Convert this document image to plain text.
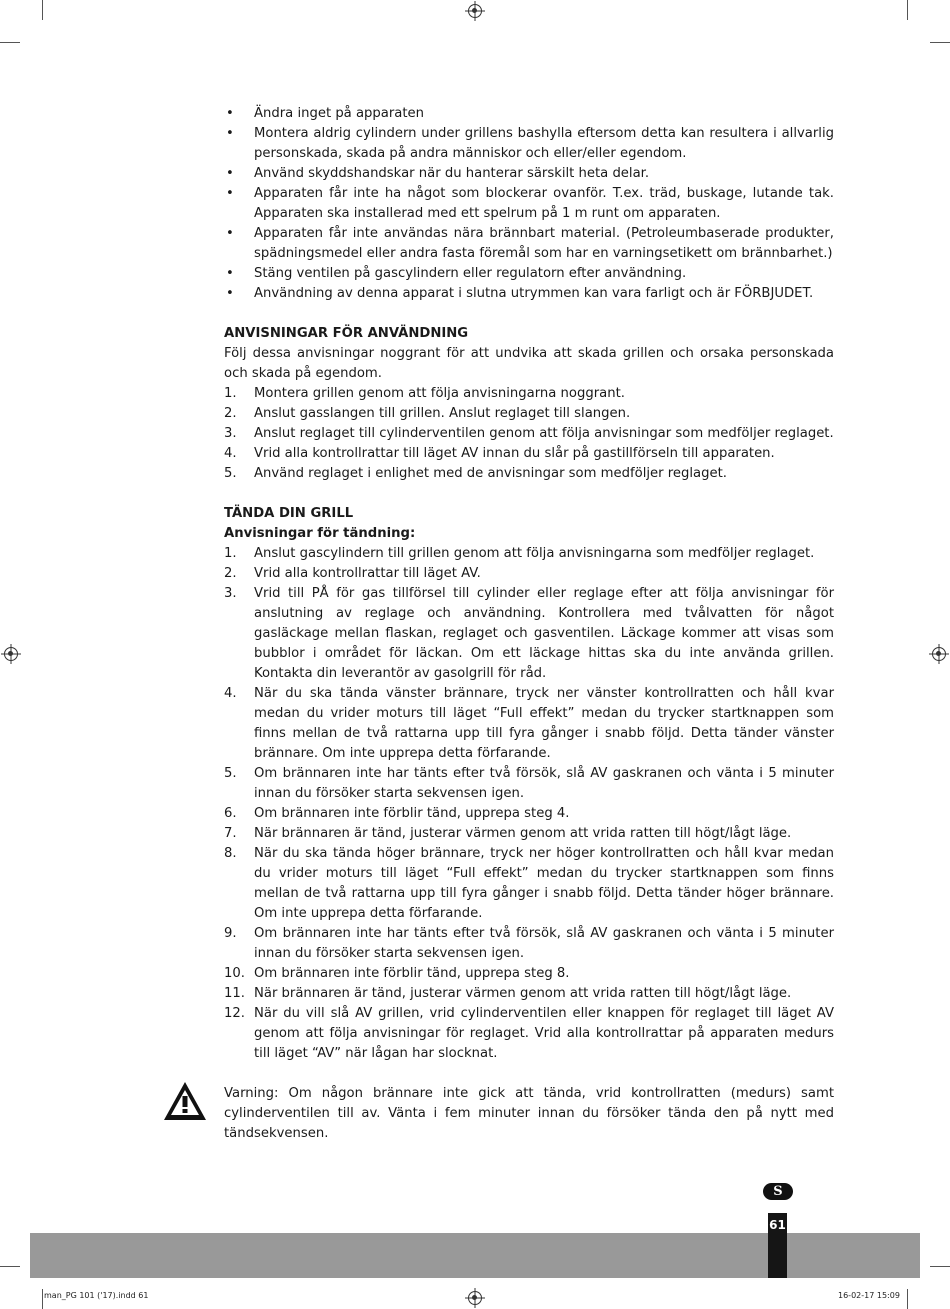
• Ändra inget på apparaten
• Montera aldrig cylindern under grillens bashylla eftersom detta kan resultera i allvarlig personskada, skada på andra människor och eller/eller egendom.
• Använd skyddshandskar när du hanterar särskilt heta delar.
• Apparaten får inte ha något som blockerar ovanför. T.ex. träd, buskage, lutande tak. Apparaten ska installerad med ett spelrum på 1 m runt om apparaten.
• Apparaten får inte användas nära brännbart material. (Petroleumbaserade produkter, spädningsmedel eller andra fasta föremål som har en varningsetikett om brännbarhet.)
• Stäng ventilen på gascylindern eller regulatorn efter användning.
• Användning av denna apparat i slutna utrymmen kan vara farligt och är FÖRBJUDET.
ANVISNINGAR FÖR ANVÄNDNING

Följ dessa anvisningar noggrant för att undvika att skada grillen och orsaka personskada och skada på egendom.

1. Montera grillen genom att följa anvisningarna noggrant.
2. Anslut gasslangen till grillen. Anslut reglaget till slangen.
3. Anslut reglaget till cylinderventilen genom att följa anvisningar som medföljer reglaget.
4. Vrid alla kontrollrattar till läget AV innan du slår på gastillförseln till apparaten.
5. Använd reglaget i enlighet med de anvisningar som medföljer reglaget.
TÄNDA DIN GRILL
Anvisningar för tändning:
1. Anslut gascylindern till grillen genom att följa anvisningarna som medföljer reglaget.
2. Vrid alla kontrollrattar till läget AV.
3. Vrid till PÅ för gas tillförsel till cylinder eller reglage efter att följa anvisningar för anslutning av reglage och användning. Kontrollera med tvålvatten för något gasläckage mellan flaskan, reglaget och gasventilen. Läckage kommer att visas som bubblor i området för läckan. Om ett läckage hittas ska du inte använda grillen. Kontakta din leverantör av gasolgrill för råd.
4. När du ska tända vänster brännare, tryck ner vänster kontrollratten och håll kvar medan du vrider moturs till läget “Full effekt” medan du trycker startknappen som finns mellan de två rattarna upp till fyra gånger i snabb följd. Detta tänder vänster brännare. Om inte upprepa detta förfarande.
5. Om brännaren inte har tänts efter två försök, slå AV gaskranen och vänta i 5 minuter innan du försöker starta sekvensen igen.
6. Om brännaren inte förblir tänd, upprepa steg 4.
7. När brännaren är tänd, justerar värmen genom att vrida ratten till högt/lågt läge.
8. När du ska tända höger brännare, tryck ner höger kontrollratten och håll kvar medan du vrider moturs till läget “Full effekt” medan du trycker startknappen som finns mellan de två rattarna upp till fyra gånger i snabb följd. Detta tänder höger brännare. Om inte upprepa detta förfarande.
9. Om brännaren inte har tänts efter två försök, slå AV gaskranen och vänta i 5 minuter innan du försöker starta sekvensen igen.
10. Om brännaren inte förblir tänd, upprepa steg 8.
11. När brännaren är tänd, justerar värmen genom att vrida ratten till högt/lågt läge.
12. När du vill slå AV grillen, vrid cylinderventilen eller knappen för reglaget till läget AV genom att följa anvisningar för reglaget. Vrid alla kontrollrattar på apparaten medurs till läget “AV” när lågan har slocknat.
Varning: Om någon brännare inte gick att tända, vrid kontrollratten (medurs) samt cylinderventilen till av. Vänta i fem minuter innan du försöker tända den på nytt med tändsekvensen.
S
61
man_PG 101 ('17).indd 61	16-02-17 15:09
